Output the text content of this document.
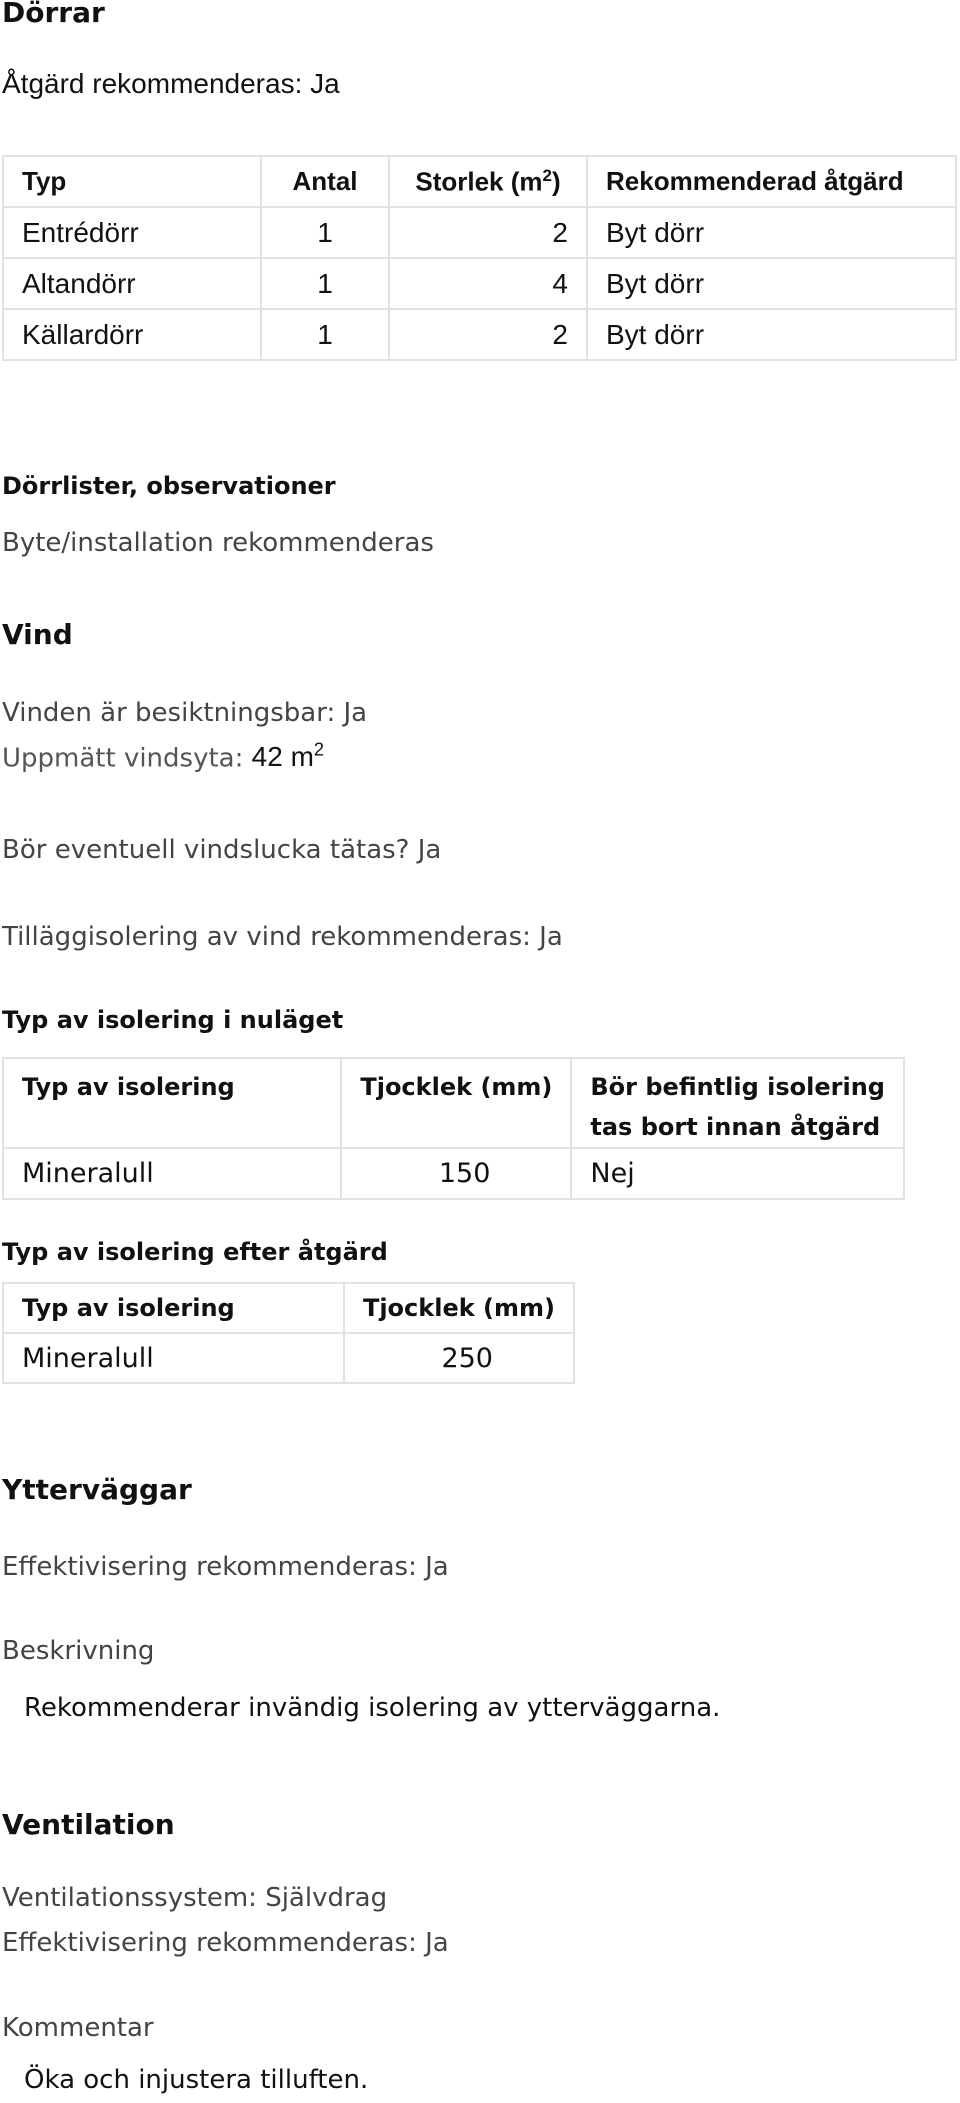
Dörrar
Åtgärd rekommenderas: Ja
Typ	Antal	Storlek $(m^2)$	Rekommenderad åtgärd
Entrédörr	1	2	Byt dörr
Altandörr	1	4	Byt dörr
Källardörr	1	2	Byt dörr
Dörrlister, observationer
Byte/installation rekommenderas
Vind
Vinden är besiktningsbar: Ja
Uppmätt vindsyta: 42 $m^2$
Bör eventuell vindslucka tätas? Ja
Tilläggisolering av vind rekommenderas: Ja
Typ av isolering i nuläget
Typ av isolering	Tjocklek (mm)	Bör befintlig isolering
tas bort innan åtgärd
Mineralull	150	Nej
Typ av isolering efter åtgärd
Typ av isolering	Tjocklek (mm)
Mineralull	250
Ytterväggar
Effektivisering rekommenderas: Ja
Beskrivning
Rekommenderar invändig isolering av ytterväggarna.
Ventilation
Ventilationssystem: Självdrag
Effektivisering rekommenderas: Ja
Kommentar
Öka och injustera tilluften.
